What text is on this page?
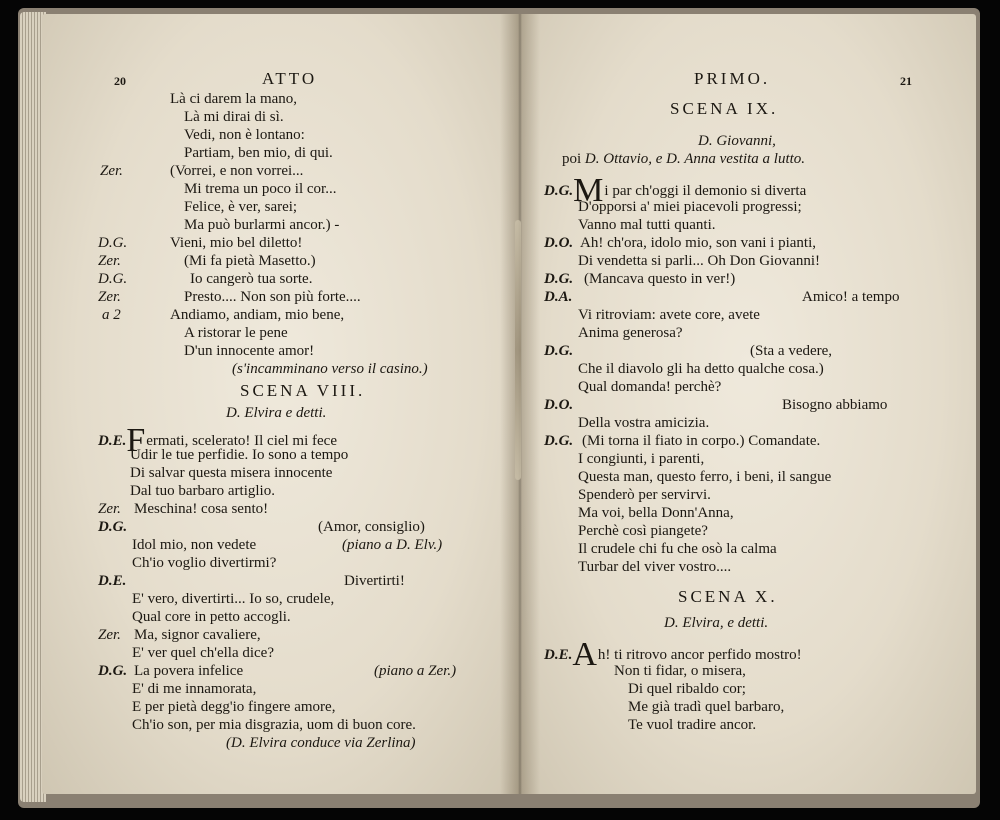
20	ATTO
Là ci darem la mano,
Là mi dirai di sì.
Vedi, non è lontano:
Partiam, ben mio, di qui.
Zer.	(Vorrei, e non vorrei...
Mi trema un poco il cor...
Felice, è ver, sarei;
Ma può burlarmi ancor.) -
D.G.	Vieni, mio bel diletto!
Zer.	(Mi fa pietà Masetto.)
D.G.	Io cangerò tua sorte.
Zer.	Presto.... Non son più forte....
a 2	Andiamo, andiam, mio bene,
A ristorar le pene
D'un innocente amor!
(s'incamminano verso il casino.)
SCENA VIII.
D. Elvira e detti.
D.E.Fermati, scelerato! Il ciel mi fece
Udir le tue perfidie. Io sono a tempo
Di salvar questa misera innocente
Dal tuo barbaro artiglio.
Zer. Meschina! cosa sento!
D.G.	(Amor, consiglio)
Idol mio, non vedete	(piano a D. Elv.)
Ch'io voglio divertirmi?
D.E.	Divertirti!
E' vero, divertirti... Io so, crudele,
Qual core in petto accogli.
Zer. Ma, signor cavaliere,
E' ver quel ch'ella dice?
D.G. La povera infelice	(piano a Zer.)
E' di me innamorata,
E per pietà degg'io fingere amore,
Ch'io son, per mia disgrazia, uom di buon core.
(D. Elvira conduce via Zerlina)
PRIMO.	21
SCENA IX.
D. Giovanni,
poi D. Ottavio, e D. Anna vestita a lutto.
D.G.Mi par ch'oggi il demonio si diverta
D'opporsi a' miei piacevoli progressi;
Vanno mal tutti quanti.
D.O. Ah! ch'ora, idolo mio, son vani i pianti,
Di vendetta si parli... Oh Don Giovanni!
D.G. (Mancava questo in ver!)
D.A.	Amico! a tempo
Vi ritroviam: avete core, avete
Anima generosa?
D.G.	(Sta a vedere,
Che il diavolo gli ha detto qualche cosa.)
Qual domanda! perchè?
D.O.	Bisogno abbiamo
Della vostra amicizia.
D.G. (Mi torna il fiato in corpo.) Comandate.
I congiunti, i parenti,
Questa man, questo ferro, i beni, il sangue
Spenderò per servirvi.
Ma voi, bella Donn'Anna,
Perchè così piangete?
Il crudele chi fu che osò la calma
Turbar del viver vostro....
SCENA X.
D. Elvira, e detti.
D.E.Ah! ti ritrovo ancor perfido mostro!
Non ti fidar, o misera,
Di quel ribaldo cor;
Me già tradì quel barbaro,
Te vuol tradire ancor.
